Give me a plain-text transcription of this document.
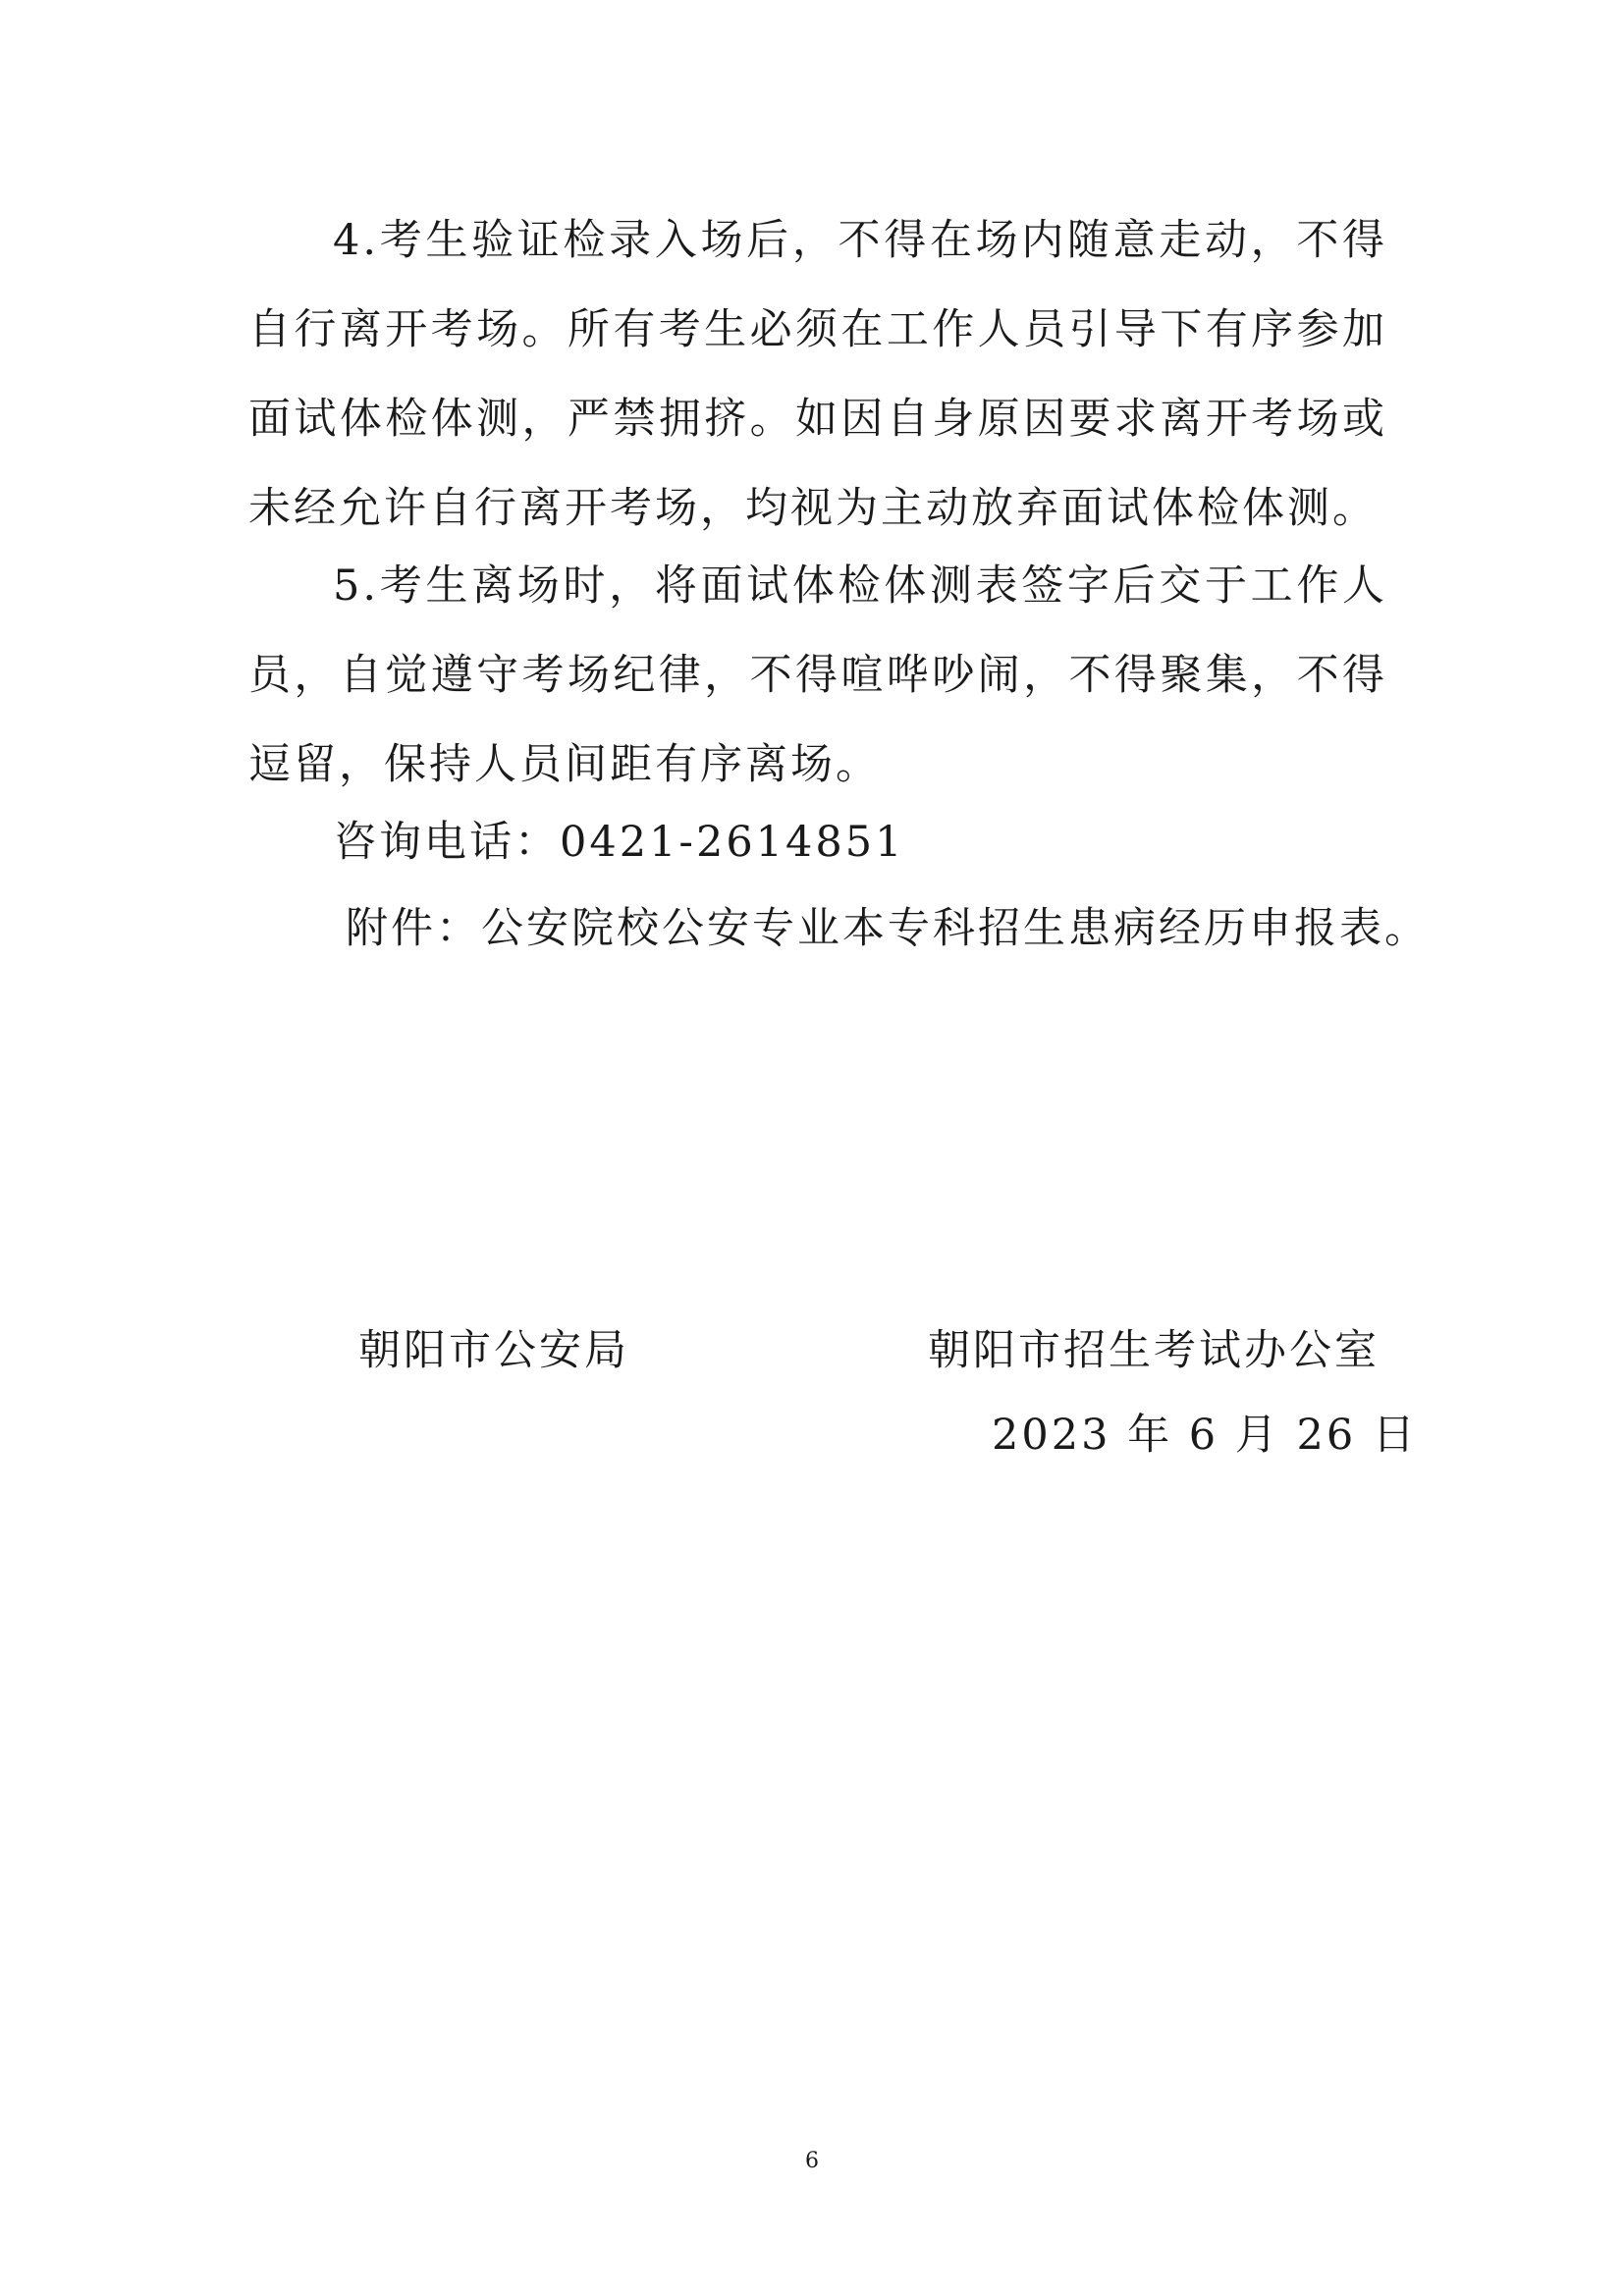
4.考生验证检录入场后，不得在场内随意走动，不得自行离开考场。所有考生必须在工作人员引导下有序参加面试体检体测，严禁拥挤。如因自身原因要求离开考场或未经允许自行离开考场，均视为主动放弃面试体检体测。

5.考生离场时，将面试体检体测表签字后交于工作人员，自觉遵守考场纪律，不得喧哗吵闹，不得聚集，不得逗留，保持人员间距有序离场。

咨询电话：0421-2614851

附件：公安院校公安专业本专科招生患病经历申报表。

朝阳市公安局	朝阳市招生考试办公室

2023 年 6 月 26 日

6
